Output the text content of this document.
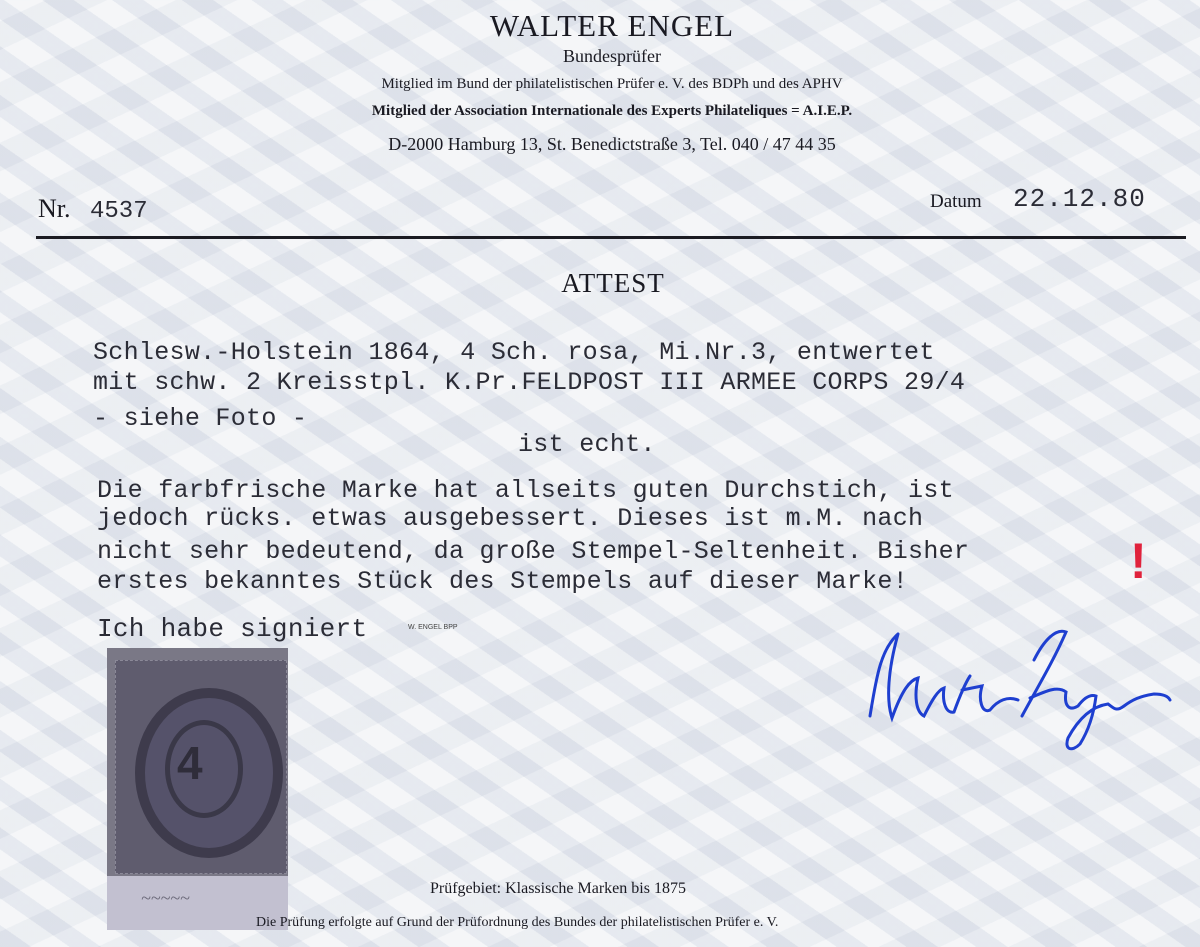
WALTER ENGEL
Bundesprüfer
Mitglied im Bund der philatelistischen Prüfer e. V. des BDPh und des APHV
Mitglied der Association Internationale des Experts Philateliques = A.I.E.P.
D-2000 Hamburg 13, St. Benedictstraße 3, Tel. 040 / 47 44 35
Nr. 4537	Datum 22.12.80
ATTEST
Schlesw.-Holstein 1864, 4 Sch. rosa, Mi.Nr.3, entwertet
mit schw. 2 Kreisstpl. K.Pr.FELDPOST III ARMEE CORPS 29/4
- siehe Foto -
ist echt.
Die farbfrische Marke hat allseits guten Durchstich, ist
jedoch rücks. etwas ausgebessert. Dieses ist m.M. nach
nicht sehr bedeutend, da große Stempel-Seltenheit. Bisher
erstes bekanntes Stück des Stempels auf dieser Marke!
Ich habe signiert	W. ENGEL BPP
!
4
~~~~~	Prüfgebiet: Klassische Marken bis 1875
Die Prüfung erfolgte auf Grund der Prüfordnung des Bundes der philatelistischen Prüfer e. V.
